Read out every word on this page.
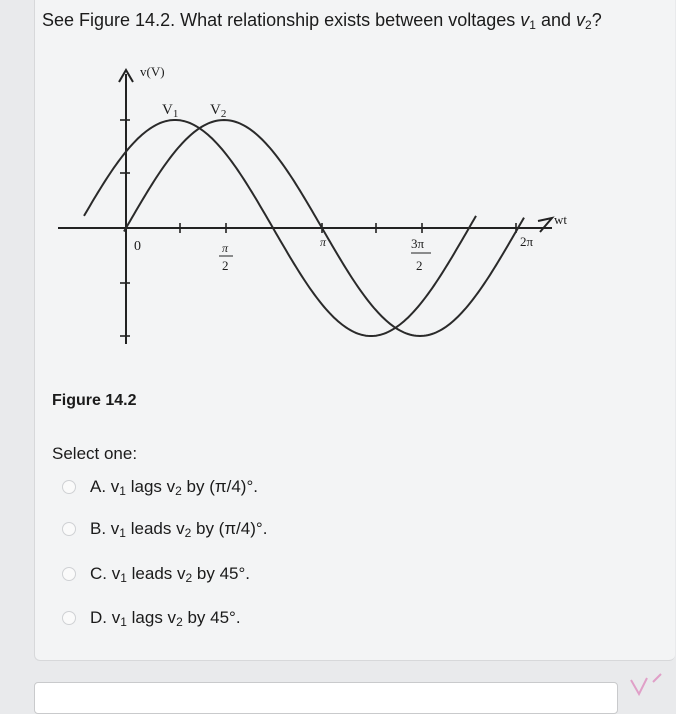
See Figure 14.2. What relationship exists between voltages $v_1$ and $v_2$?
v(V)
wt
0	π
2
π	3π
2
2π
$V_1$ $V_2$
Figure 14.2
Select one:
A. $v_1$ lags $v_2$ by (π/4)°.
B. $v_1$ leads $v_2$ by (π/4)°.
C. $v_1$ leads $v_2$ by 45°.
D. $v_1$ lags $v_2$ by 45°.
